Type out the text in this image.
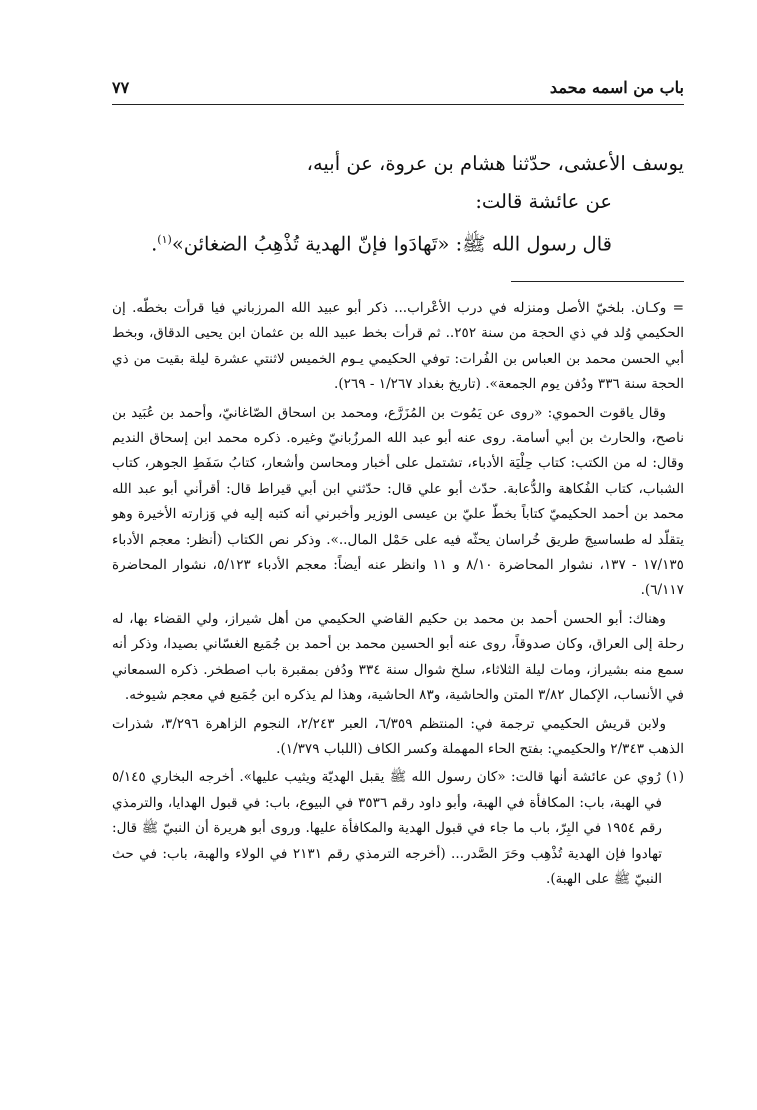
باب من اسمه محمد
٧٧

يوسف الأعشى، حدّثنا هشام بن عروة، عن أبيه،

عن عائشة قالت:

قال رسول الله ﷺ: «تَهادَوا فإنّ الهدية تُذْهِبُ الضغائن»$^{(١)}$.

= وكـان. بلخيّ الأصل ومنزله في درب الأعْراب... ذكر أبو عبيد الله المرزباني فيا قرأت بخطّه. إن الحكيمي وُلد في ذي الحجة من سنة ٢٥٢.. ثم قرأت بخط عبيد الله بن عثمان ابن يحيى الدقاق، وبخط أبي الحسن محمد بن العباس بن الفُرات: توفي الحكيمي يـوم الخميس لاثنتي عشرة ليلة بقيت من ذي الحجة سنة ٣٣٦ ودُفن يوم الجمعة». (تاريخ بغداد ١/٢٦٧ - ٢٦٩).

وقال ياقوت الحموي: «روى عن يَمُوت بن المُزَرَّع، ومحمد بن اسحاق الصّاغانيّ، وأحمد بن عُبَيد بن ناصح، والحارث بن أبي أسامة. روى عنه أبو عبد الله المرزُبانيّ وغيره. ذكره محمد ابن إسحاق النديم وقال: له من الكتب: كتاب حِلْيَة الأدباء، تشتمل على أخبار ومحاسن وأشعار، كتابُ سَفَطِ الجوهر، كتاب الشباب، كتاب الفُكاهة والدُّعابة. حدّث أبو علي قال: حدّثني ابن أبي قيراط قال: أقرأني أبو عبد الله محمد بن أحمد الحكيميّ كتاباً بخطّ عليّ بن عيسى الوزير وأخبرني أنه كتبه إليه في وَزارته الأخيرة وهو يتقلّد له طساسيجَ طريق خُراسان يحثّه فيه على حَمْل المال..». وذكر نص الكتاب (أنظر: معجم الأدباء ١٧/١٣٥ - ١٣٧، نشوار المحاضرة ٨/١٠ و ١١ وانظر عنه أيضاً: معجم الأدباء ٥/١٢٣، نشوار المحاضرة ٦/١١٧).

وهناك: أبو الحسن أحمد بن محمد بن حكيم القاضي الحكيمي من أهل شيراز، ولي القضاء بها، له رحلة إلى العراق، وكان صدوقاً، روى عنه أبو الحسين محمد بن أحمد بن جُمَيع الغسّاني بصيدا، وذكر أنه سمع منه بشيراز، ومات ليلة الثلاثاء، سلخ شوال سنة ٣٣٤ ودُفن بمقبرة باب اصطخر. ذكره السمعاني في الأنساب، الإكمال ٣/٨٢ المتن والحاشية، و٨٣ الحاشية، وهذا لم يذكره ابن جُمَيع في معجم شيوخه.

ولابن قريش الحكيمي ترجمة في: المنتظم ٦/٣٥٩، العبر ٢/٢٤٣، النجوم الزاهرة ٣/٢٩٦، شذرات الذهب ٢/٣٤٣ والحكيمي: بفتح الحاء المهملة وكسر الكاف (اللباب ١/٣٧٩).

(١) رُوي عن عائشة أنها قالت: «كان رسول الله ﷺ يقبل الهديّة ويثيب عليها». أخرجه البخاري ٥/١٤٥ في الهبة، باب: المكافأة في الهبة، وأبو داود رقم ٣٥٣٦ في البيوع، باب: في قبول الهدايا، والترمذي رقم ١٩٥٤ في البِرّ، باب ما جاء في قبول الهدية والمكافأة عليها. وروى أبو هريرة أن النبيّ ﷺ قال: تهادوا فإن الهدية تُذْهِب وحَرَ الصَّدر... (أخرجه الترمذي رقم ٢١٣١ في الولاء والهبة، باب: في حث النبيّ ﷺ على الهبة).
